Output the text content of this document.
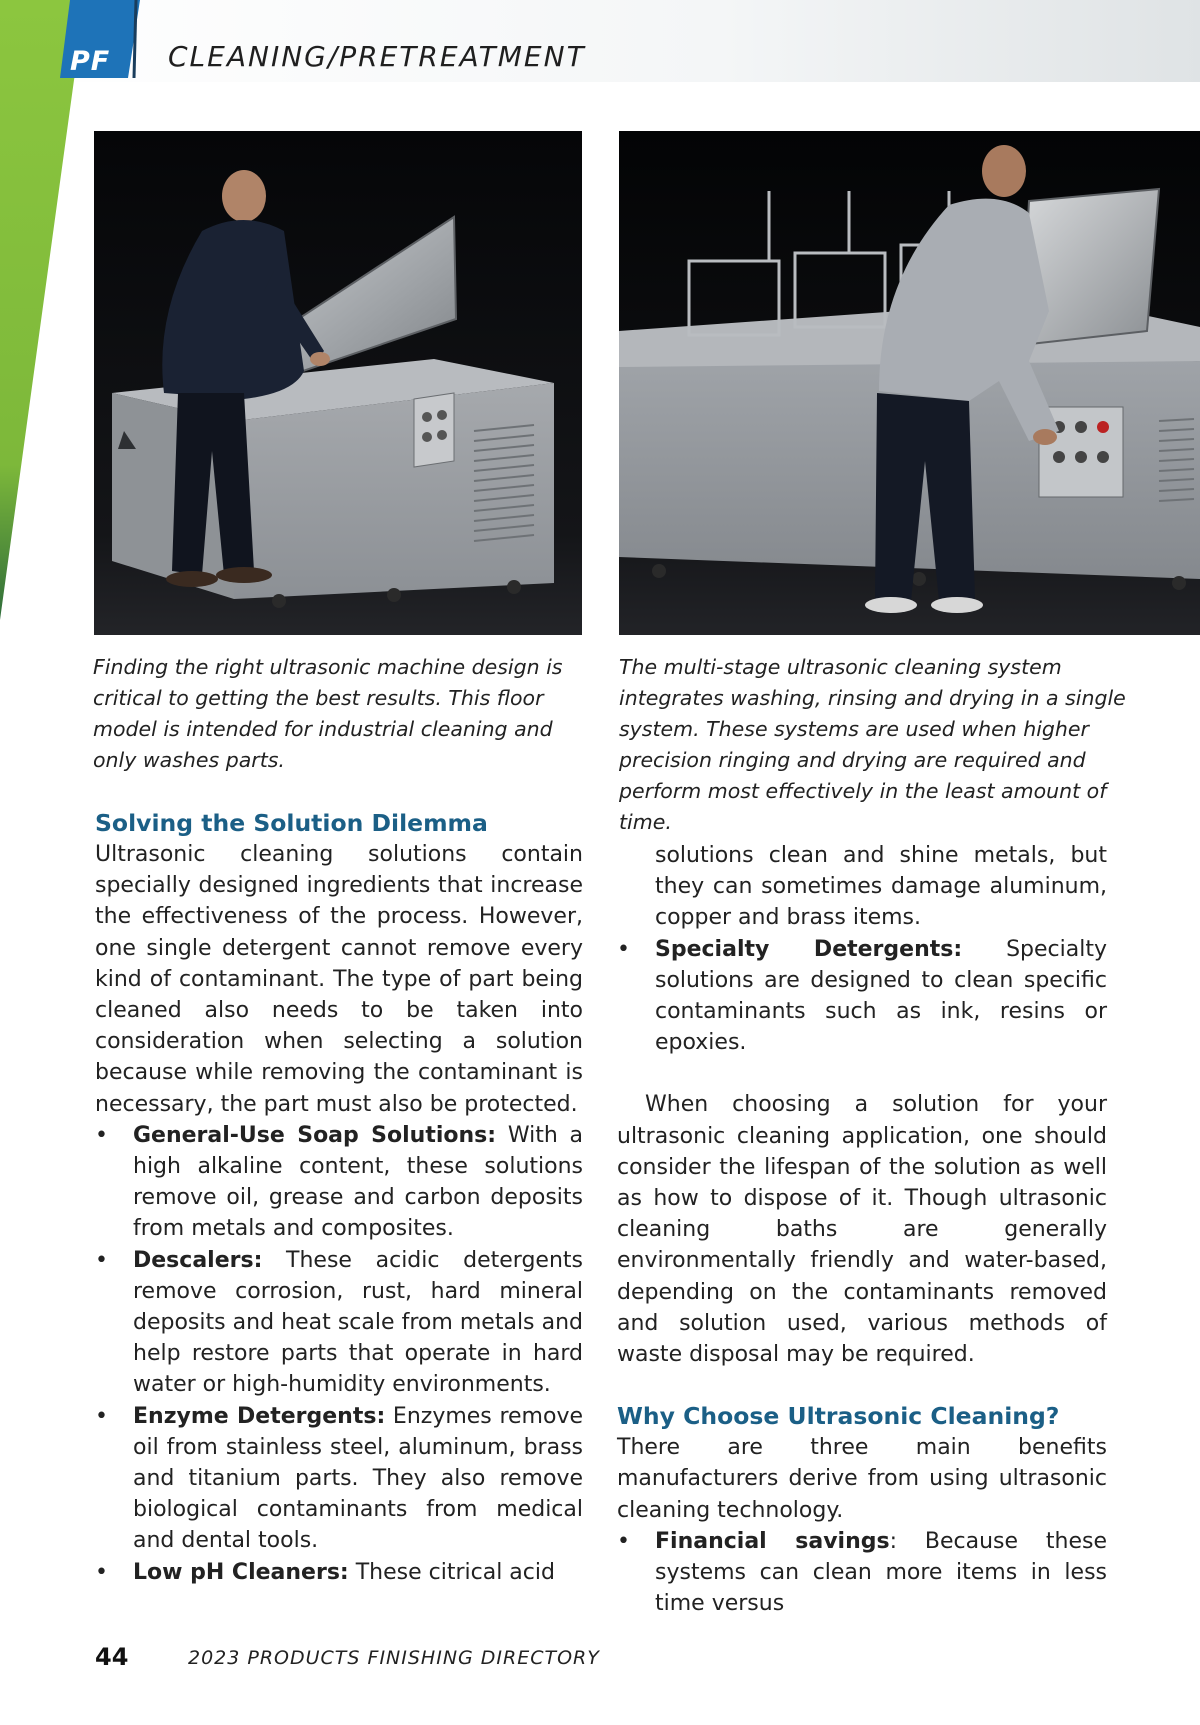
PF CLEANING/PRETREATMENT

Finding the right ultrasonic machine design is critical to getting the best results. This floor model is intended for industrial cleaning and only washes parts.

The multi-stage ultrasonic cleaning system integrates washing, rinsing and drying in a single system. These systems are used when higher precision ringing and drying are required and perform most effectively in the least amount of time.

Solving the Solution Dilemma

Ultrasonic cleaning solutions contain specially designed ingredients that increase the effectiveness of the process. However, one single detergent cannot remove every kind of contaminant. The type of part being cleaned also needs to be taken into consideration when selecting a solution because while removing the contaminant is necessary, the part must also be protected.

• General-Use Soap Solutions: With a high alkaline content, these solutions remove oil, grease and carbon deposits from metals and composites.
• Descalers: These acidic detergents remove corrosion, rust, hard mineral deposits and heat scale from metals and help restore parts that operate in hard water or high-humidity environments.
• Enzyme Detergents: Enzymes remove oil from stainless steel, aluminum, brass and titanium parts. They also remove biological contaminants from medical and dental tools.
• Low pH Cleaners: These citrical acid
solutions clean and shine metals, but they can sometimes damage aluminum, copper and brass items.
• Specialty Detergents: Specialty solutions are designed to clean specific contaminants such as ink, resins or epoxies.

When choosing a solution for your ultrasonic cleaning application, one should consider the lifespan of the solution as well as how to dispose of it. Though ultrasonic cleaning baths are generally environmentally friendly and water-based, depending on the contaminants removed and solution used, various methods of waste disposal may be required.

Why Choose Ultrasonic Cleaning?

There are three main benefits manufacturers derive from using ultrasonic cleaning technology.

• Financial savings: Because these systems can clean more items in less time versus
44	2023 PRODUCTS FINISHING DIRECTORY
